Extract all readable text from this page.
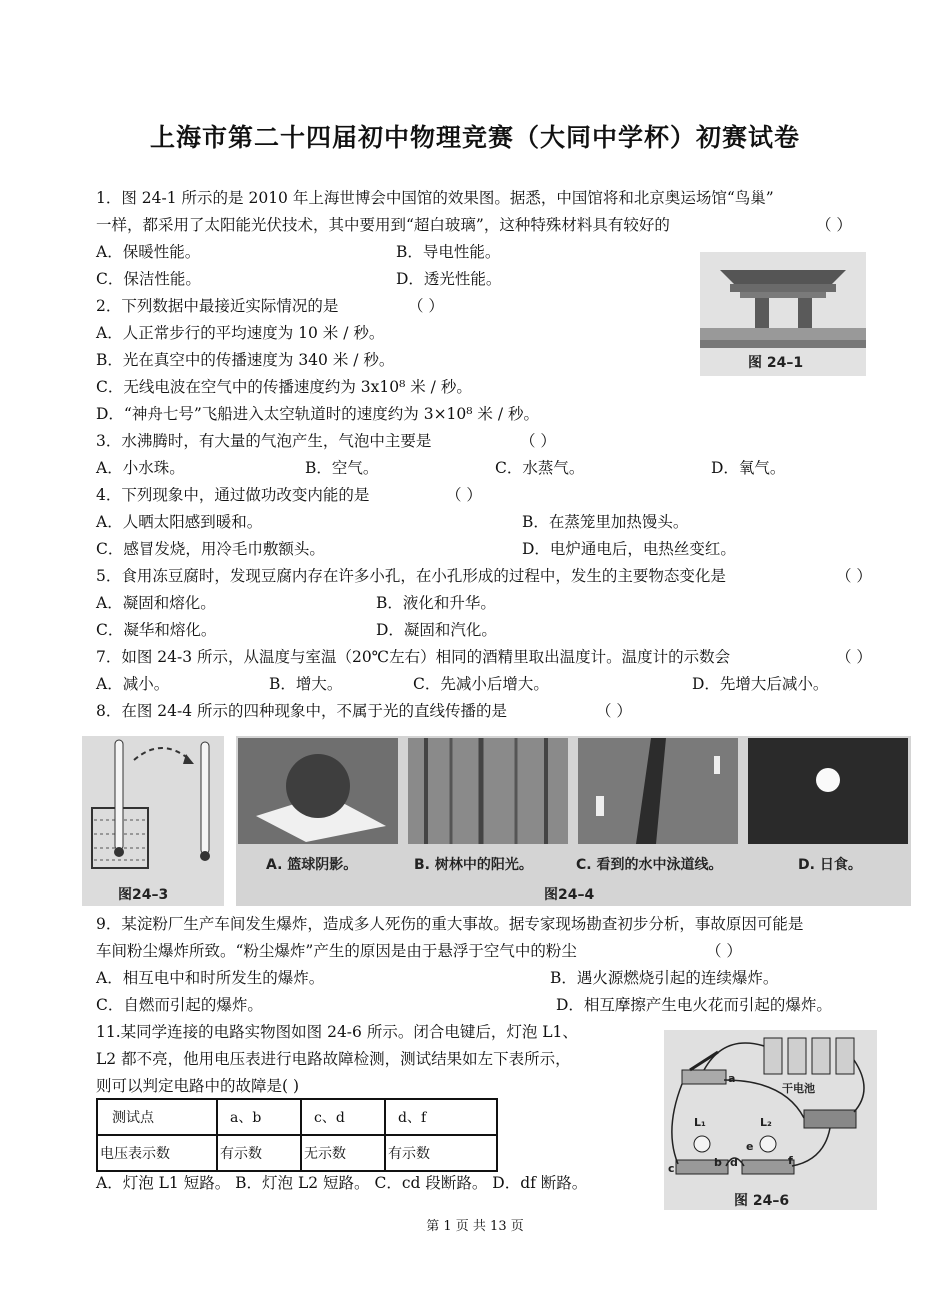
上海市第二十四届初中物理竞赛（大同中学杯）初赛试卷
1．图 24-1 所示的是 2010 年上海世博会中国馆的效果图。据悉，中国馆将和北京奥运场馆“鸟巢”
一样，都采用了太阳能光伏技术，其中要用到“超白玻璃”，这种特殊材料具有较好的	（ ）
A．保暖性能。	B．导电性能。
C．保洁性能。	D．透光性能。
图 24–1
2．下列数据中最接近实际情况的是	（ ）
A．人正常步行的平均速度为 10 米 / 秒。
B．光在真空中的传播速度为 340 米 / 秒。
C．无线电波在空气中的传播速度约为 3x10⁸ 米 / 秒。
D．“神舟七号”飞船进入太空轨道时的速度约为 3×10⁸ 米 / 秒。
3．水沸腾时，有大量的气泡产生，气泡中主要是	（ ）
A．小水珠。	B．空气。	C．水蒸气。	D．氧气。
4．下列现象中，通过做功改变内能的是	（ ）
A．人晒太阳感到暖和。	B．在蒸笼里加热馒头。
C．感冒发烧，用冷毛巾敷额头。	D．电炉通电后，电热丝变红。
5．食用冻豆腐时，发现豆腐内存在许多小孔，在小孔形成的过程中，发生的主要物态变化是	（ ）
A．凝固和熔化。	B．液化和升华。
C．凝华和熔化。	D．凝固和汽化。
7．如图 24-3 所示，从温度与室温（20℃左右）相同的酒精里取出温度计。温度计的示数会	（ ）
A．减小。	B．增大。	C．先减小后增大。	D．先增大后减小。
8．在图 24-4 所示的四种现象中，不属于光的直线传播的是	（ ）
图24–3
A. 篮球阴影。	B. 树林中的阳光。	C. 看到的水中泳道线。	D. 日食。
图24–4
9．某淀粉厂生产车间发生爆炸，造成多人死伤的重大事故。据专家现场勘查初步分析，事故原因可能是
车间粉尘爆炸所致。“粉尘爆炸”产生的原因是由于悬浮于空气中的粉尘	（ ）
A．相互电中和时所发生的爆炸。	B．遇火源燃烧引起的连续爆炸。
C．自燃而引起的爆炸。	D．相互摩擦产生电火花而引起的爆炸。
11.某同学连接的电路实物图如图 24-6 所示。闭合电键后，灯泡 L1、
L2 都不亮，他用电压表进行电路故障检测，测试结果如左下表所示，
则可以判定电路中的故障是( )
测试点	a、b	c、d	d、f
电压表示数	有示数	无示数	有示数
A．灯泡 L1 短路。 B．灯泡 L2 短路。 C．cd 段断路。 D．df 断路。
干电池
a
b
c	d
e
f
L₁	L₂
图 24–6
第 1 页 共 13 页
